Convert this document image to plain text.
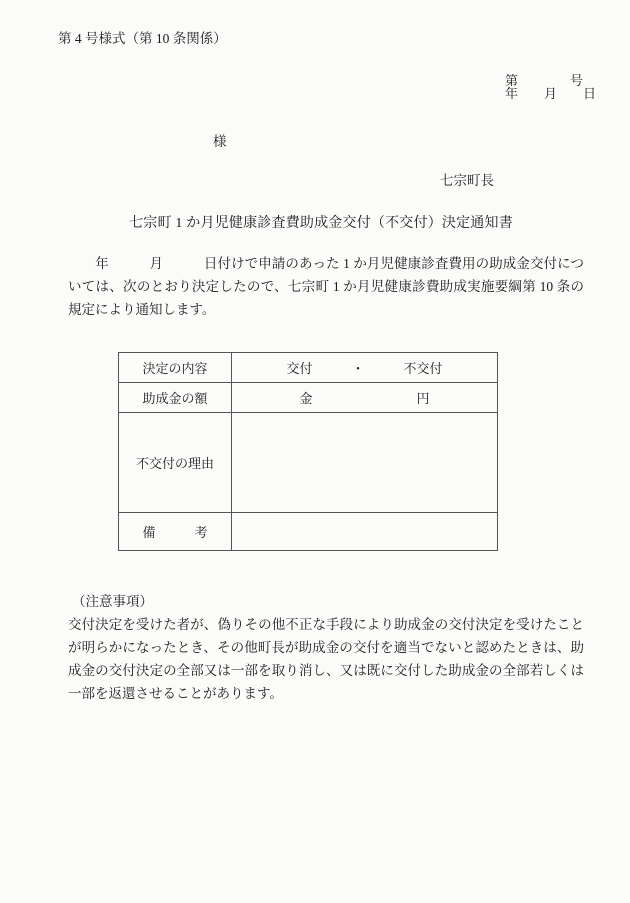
第 4 号様式（第 10 条関係）
第　　　　号
年　　月　　日
様
七宗町長
七宗町 1 か月児健康診査費助成金交付（不交付）決定通知書
　　年　　　月　　　日付けで申請のあった 1 か月児健康診査費用の助成金交付については、次のとおり決定したので、七宗町 1 か月児健康診費助成実施要綱第 10 条の規定により通知します。
決定の内容	交付　　　・　　　不交付
助成金の額	金　　　　　　　　円
不交付の理由	
備　　　考	
（注意事項）
交付決定を受けた者が、偽りその他不正な手段により助成金の交付決定を受けたことが明らかになったとき、その他町長が助成金の交付を適当でないと認めたときは、助成金の交付決定の全部又は一部を取り消し、又は既に交付した助成金の全部若しくは一部を返還させることがあります。
